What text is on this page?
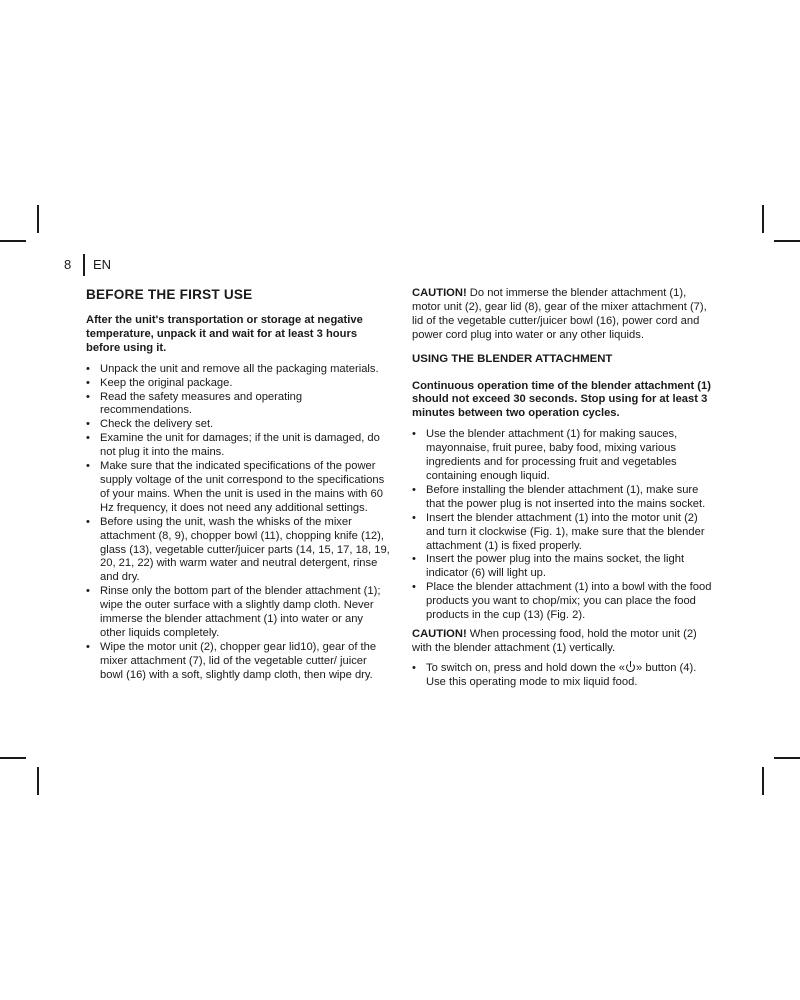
8 EN
BEFORE THE FIRST USE

After the unit's transportation or storage at negative temperature, unpack it and wait for at least 3 hours before using it.

• Unpack the unit and remove all the packaging materials.
• Keep the original package.
• Read the safety measures and operating recommendations.
• Check the delivery set.
• Examine the unit for damages; if the unit is damaged, do not plug it into the mains.
• Make sure that the indicated specifications of the power supply voltage of the unit correspond to the specifications of your mains. When the unit is used in the mains with 60 Hz frequency, it does not need any additional settings.
• Before using the unit, wash the whisks of the mixer attachment (8, 9), chopper bowl (11), chopping knife (12), glass (13), vegetable cutter/juicer parts (14, 15, 17, 18, 19, 20, 21, 22) with warm water and neutral detergent, rinse and dry.
• Rinse only the bottom part of the blender attachment (1); wipe the outer surface with a slightly damp cloth. Never immerse the blender attachment (1) into water or any other liquids completely.
• Wipe the motor unit (2), chopper gear lid10), gear of the mixer attachment (7), lid of the vegetable cutter/ juicer bowl (16) with a soft, slightly damp cloth, then wipe dry.

CAUTION! Do not immerse the blender attachment (1), motor unit (2), gear lid (8), gear of the mixer attachment (7), lid of the vegetable cutter/juicer bowl (16), power cord and power cord plug into water or any other liquids.

USING THE BLENDER ATTACHMENT

Continuous operation time of the blender attachment (1) should not exceed 30 seconds. Stop using for at least 3 minutes between two operation cycles.

• Use the blender attachment (1) for making sauces, mayonnaise, fruit puree, baby food, mixing various ingredients and for processing fruit and vegetables containing enough liquid.
• Before installing the blender attachment (1), make sure that the power plug is not inserted into the mains socket.
• Insert the blender attachment (1) into the motor unit (2) and turn it clockwise (Fig. 1), make sure that the blender attachment (1) is fixed properly.
• Insert the power plug into the mains socket, the light indicator (6) will light up.
• Place the blender attachment (1) into a bowl with the food products you want to chop/mix; you can place the food products in the cup (13) (Fig. 2).

CAUTION! When processing food, hold the motor unit (2) with the blender attachment (1) vertically.

• To switch on, press and hold down the « » button (4). Use this operating mode to mix liquid food.
